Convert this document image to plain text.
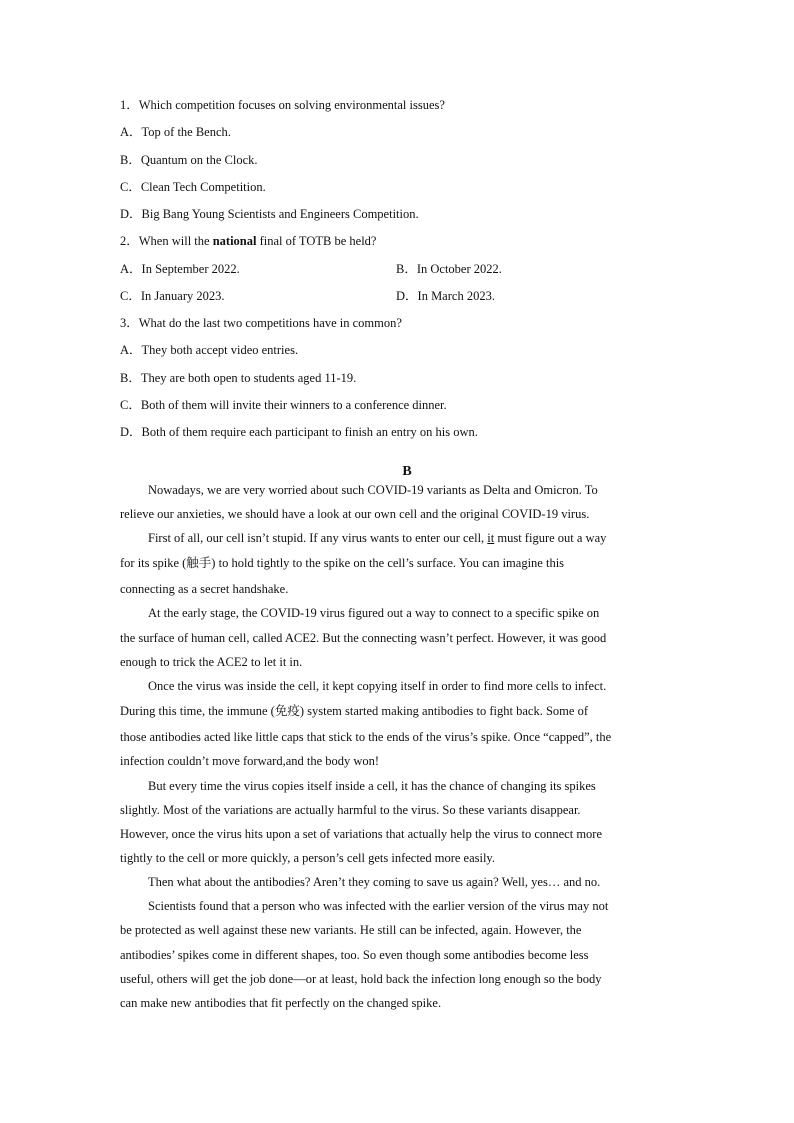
1．Which competition focuses on solving environmental issues?
A．Top of the Bench.
B．Quantum on the Clock.
C．Clean Tech Competition.
D．Big Bang Young Scientists and Engineers Competition.
2．When will the national final of TOTB be held?
A．In September 2022.	B．In October 2022.
C．In January 2023.	D．In March 2023.
3．What do the last two competitions have in common?
A．They both accept video entries.
B．They are both open to students aged 11-19.
C．Both of them will invite their winners to a conference dinner.
D．Both of them require each participant to finish an entry on his own.
B
Nowadays, we are very worried about such COVID-19 variants as Delta and Omicron. To
relieve our anxieties, we should have a look at our own cell and the original COVID-19 virus.
First of all, our cell isn’t stupid. If any virus wants to enter our cell, it must figure out a way
for its spike (触手) to hold tightly to the spike on the cell’s surface. You can imagine this
connecting as a secret handshake.
At the early stage, the COVID-19 virus figured out a way to connect to a specific spike on
the surface of human cell, called ACE2. But the connecting wasn’t perfect. However, it was good
enough to trick the ACE2 to let it in.
Once the virus was inside the cell, it kept copying itself in order to find more cells to infect.
During this time, the immune (免疫) system started making antibodies to fight back. Some of
those antibodies acted like little caps that stick to the ends of the virus’s spike. Once “capped”, the
infection couldn’t move forward,and the body won!
But every time the virus copies itself inside a cell, it has the chance of changing its spikes
slightly. Most of the variations are actually harmful to the virus. So these variants disappear.
However, once the virus hits upon a set of variations that actually help the virus to connect more
tightly to the cell or more quickly, a person’s cell gets infected more easily.
Then what about the antibodies? Aren’t they coming to save us again? Well, yes… and no.
Scientists found that a person who was infected with the earlier version of the virus may not
be protected as well against these new variants. He still can be infected, again. However, the
antibodies’ spikes come in different shapes, too. So even though some antibodies become less
useful, others will get the job done—or at least, hold back the infection long enough so the body
can make new antibodies that fit perfectly on the changed spike.
